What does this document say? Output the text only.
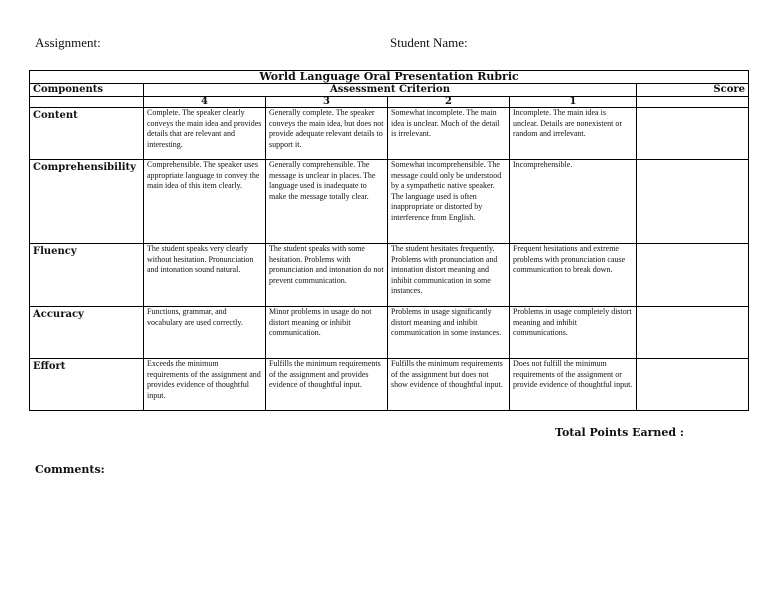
Assignment:	Student Name:
World Language Oral Presentation Rubric					
Components	Assessment Criterion				Score
	4	3	2	1	
Content	Complete. The speaker clearly conveys the main idea and provides details that are relevant and interesting.	Generally complete. The speaker conveys the main idea, but does not provide adequate relevant details to support it.	Somewhat incomplete. The main idea is unclear. Much of the detail is irrelevant.	Incomplete. The main idea is unclear. Details are nonexistent or random and irrelevant.	
Comprehensibility	Comprehensible. The speaker uses appropriate language to convey the main idea of this item clearly.	Generally comprehensible. The message is unclear in places. The language used is inadequate to make the message totally clear.	Somewhat incomprehensible. The message could only be understood by a sympathetic native speaker. The language used is often inappropriate or distorted by interference from English.	Incomprehensible.	
Fluency	The student speaks very clearly without hesitation. Pronunciation and intonation sound natural.	The student speaks with some hesitation. Problems with pronunciation and intonation do not prevent communication.	The student hesitates frequently. Problems with pronunciation and intonation distort meaning and inhibit communication in some instances.	Frequent hesitations and extreme problems with pronunciation cause communication to break down.	
Accuracy	Functions, grammar, and vocabulary are used correctly.	Minor problems in usage do not distort meaning or inhibit communication.	Problems in usage significantly distort meaning and inhibit communication in some instances.	Problems in usage completely distort meaning and inhibit communications.	
Effort	Exceeds the minimum requirements of the assignment and provides evidence of thoughtful input.	Fulfills the minimum requirements of the assignment and provides evidence of thoughtful input.	Fulfills the minimum requirements of the assignment but does not show evidence of thoughtful input.	Does not fulfill the minimum requirements of the assignment or provide evidence of thoughtful input.	
Total Points Earned :
Comments:
